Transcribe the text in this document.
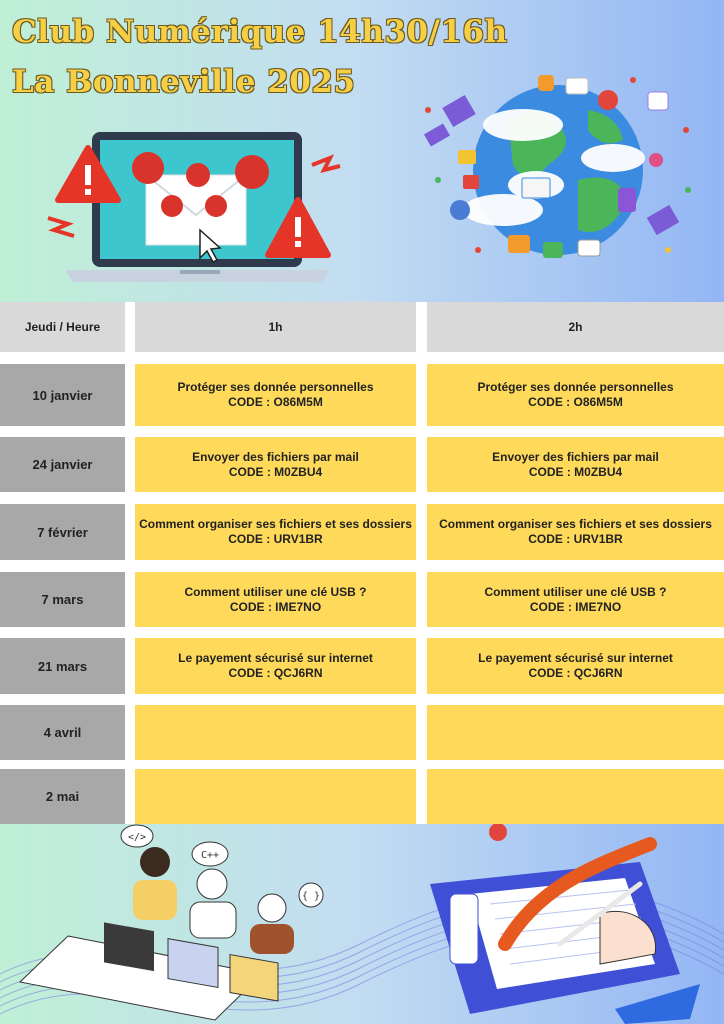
Club Numérique 14h30/16h
La Bonneville 2025
Jeudi / Heure	1h	2h
10 janvier
Protéger ses donnée personnelles
CODE : O86M5M
Protéger ses donnée personnelles
CODE : O86M5M
24 janvier
Envoyer des fichiers par mail
CODE : M0ZBU4
Envoyer des fichiers par mail
CODE : M0ZBU4
7 février
Comment organiser ses fichiers et ses dossiers
CODE : URV1BR
Comment organiser ses fichiers et ses dossiers
CODE : URV1BR
7 mars
Comment utiliser une clé USB ?
CODE : IME7NO
Comment utiliser une clé USB ?
CODE : IME7NO
21 mars
Le payement sécurisé sur internet
CODE : QCJ6RN
Le payement sécurisé sur internet
CODE : QCJ6RN
4 avril
2 mai
</>
C++
{ }
